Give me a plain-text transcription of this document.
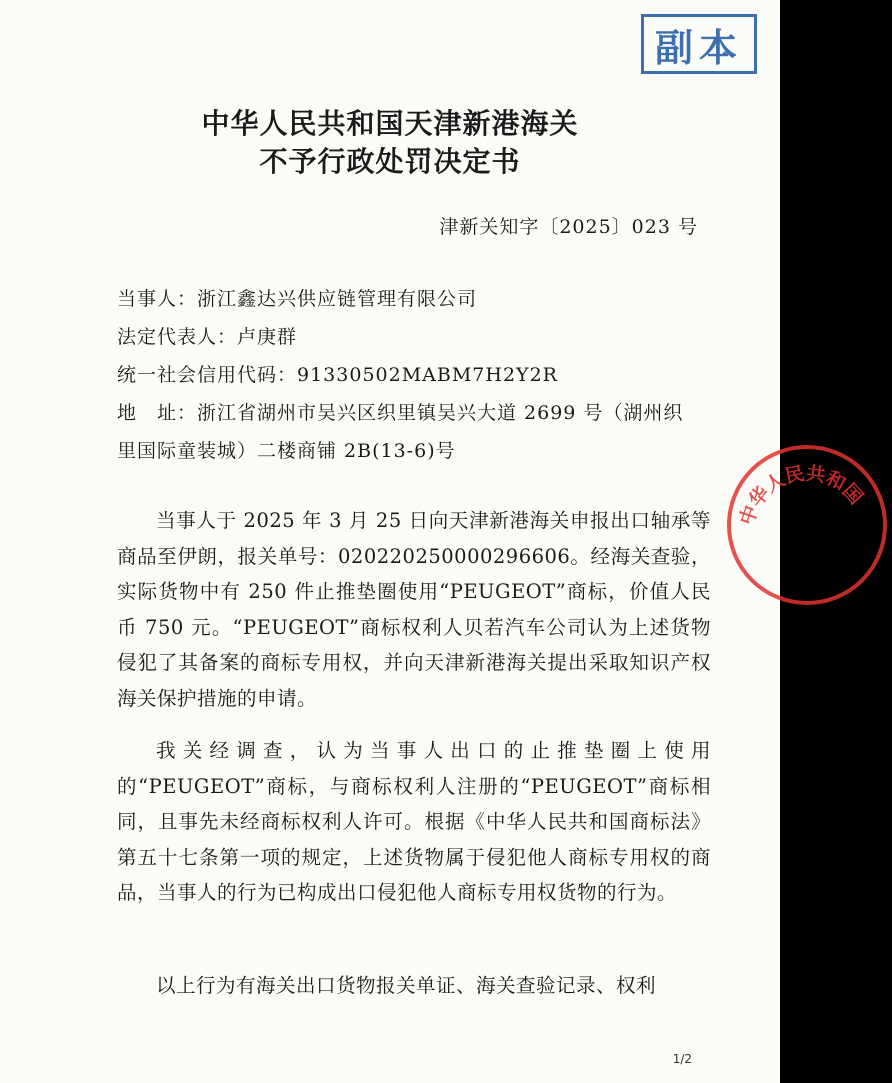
副本
中华人民共和国天津新港海关
不予行政处罚决定书
津新关知字〔2025〕023 号
当事人：浙江鑫达兴供应链管理有限公司
法定代表人：卢庚群
统一社会信用代码：91330502MABM7H2Y2R
地　址：浙江省湖州市吴兴区织里镇吴兴大道 2699 号（湖州织
里国际童装城）二楼商铺 2B(13-6)号
当事人于 2025 年 3 月 25 日向天津新港海关申报出口轴承等商品至伊朗，报关单号：020220250000296606。经海关查验，实际货物中有 250 件止推垫圈使用“PEUGEOT”商标，价值人民币 750 元。“PEUGEOT”商标权利人贝若汽车公司认为上述货物侵犯了其备案的商标专用权，并向天津新港海关提出采取知识产权海关保护措施的申请。
我关经调查，认为当事人出口的止推垫圈上使用的“PEUGEOT”商标，与商标权利人注册的“PEUGEOT”商标相同，且事先未经商标权利人许可。根据《中华人民共和国商标法》第五十七条第一项的规定，上述货物属于侵犯他人商标专用权的商品，当事人的行为已构成出口侵犯他人商标专用权货物的行为。
以上行为有海关出口货物报关单证、海关查验记录、权利
中华人民共和国
1/2
